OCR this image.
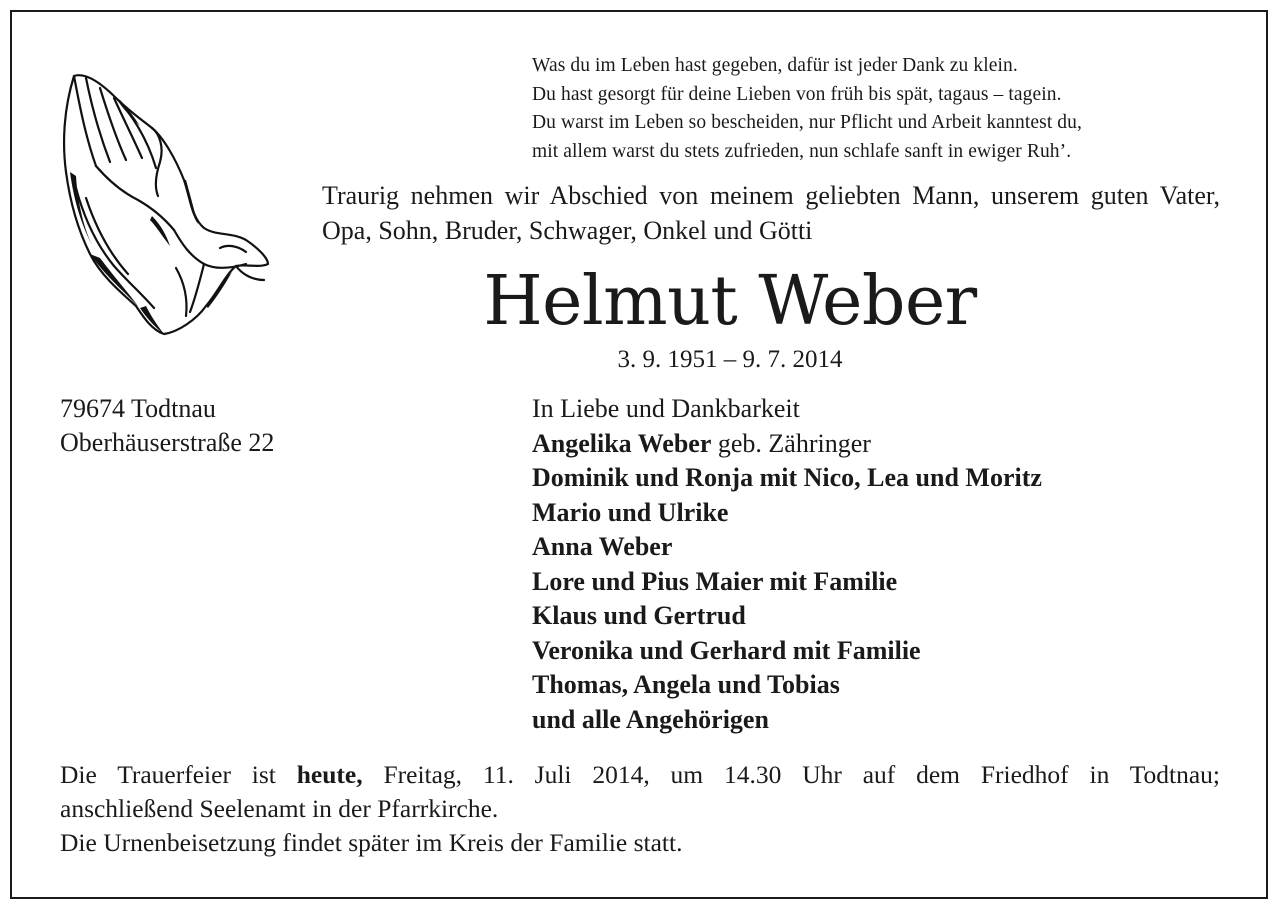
Was du im Leben hast gegeben, dafür ist jeder Dank zu klein.
Du hast gesorgt für deine Lieben von früh bis spät, tagaus – tagein.
Du warst im Leben so bescheiden, nur Pflicht und Arbeit kanntest du,
mit allem warst du stets zufrieden, nun schlafe sanft in ewiger Ruh’.
Traurig nehmen wir Abschied von meinem geliebten Mann, unserem guten Vater, Opa, Sohn, Bruder, Schwager, Onkel und Götti
Helmut Weber
3. 9. 1951 – 9. 7. 2014
79674 Todtnau
Oberhäuserstraße 22
In Liebe und Dankbarkeit
Angelika Weber geb. Zähringer
Dominik und Ronja mit Nico, Lea und Moritz
Mario und Ulrike
Anna Weber
Lore und Pius Maier mit Familie
Klaus und Gertrud
Veronika und Gerhard mit Familie
Thomas, Angela und Tobias
und alle Angehörigen
Die Trauerfeier ist heute, Freitag, 11. Juli 2014, um 14.30 Uhr auf dem Friedhof in Todtnau;
anschließend Seelenamt in der Pfarrkirche.
Die Urnenbeisetzung findet später im Kreis der Familie statt.
